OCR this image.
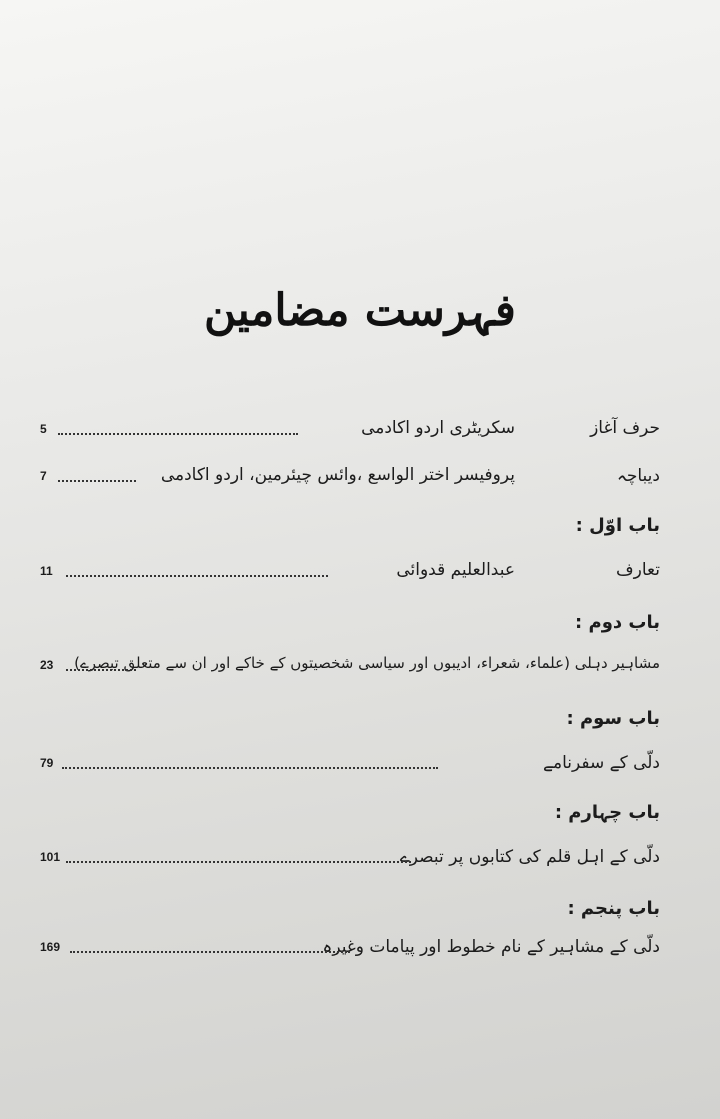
فہرست مضامین
حرف آغاز
سکریٹری اردو اکادمی
5
دیباچہ
پروفیسر اختر الواسع ،وائس چیئرمین، اردو اکادمی
7
باب اوّل :
تعارف
عبدالعلیم قدوائی
11
باب دوم :
مشاہیر دہلی (علماء، شعراء، ادیبوں اور سیاسی شخصیتوں کے خاکے اور ان سے متعلق تبصرے)
23
باب سوم :
دلّی کے سفرنامے
79
باب چہارم :
دلّی کے اہل قلم کی کتابوں پر تبصرے
101
باب پنجم :
دلّی کے مشاہیر کے نام خطوط اور پیامات وغیرہ
169
